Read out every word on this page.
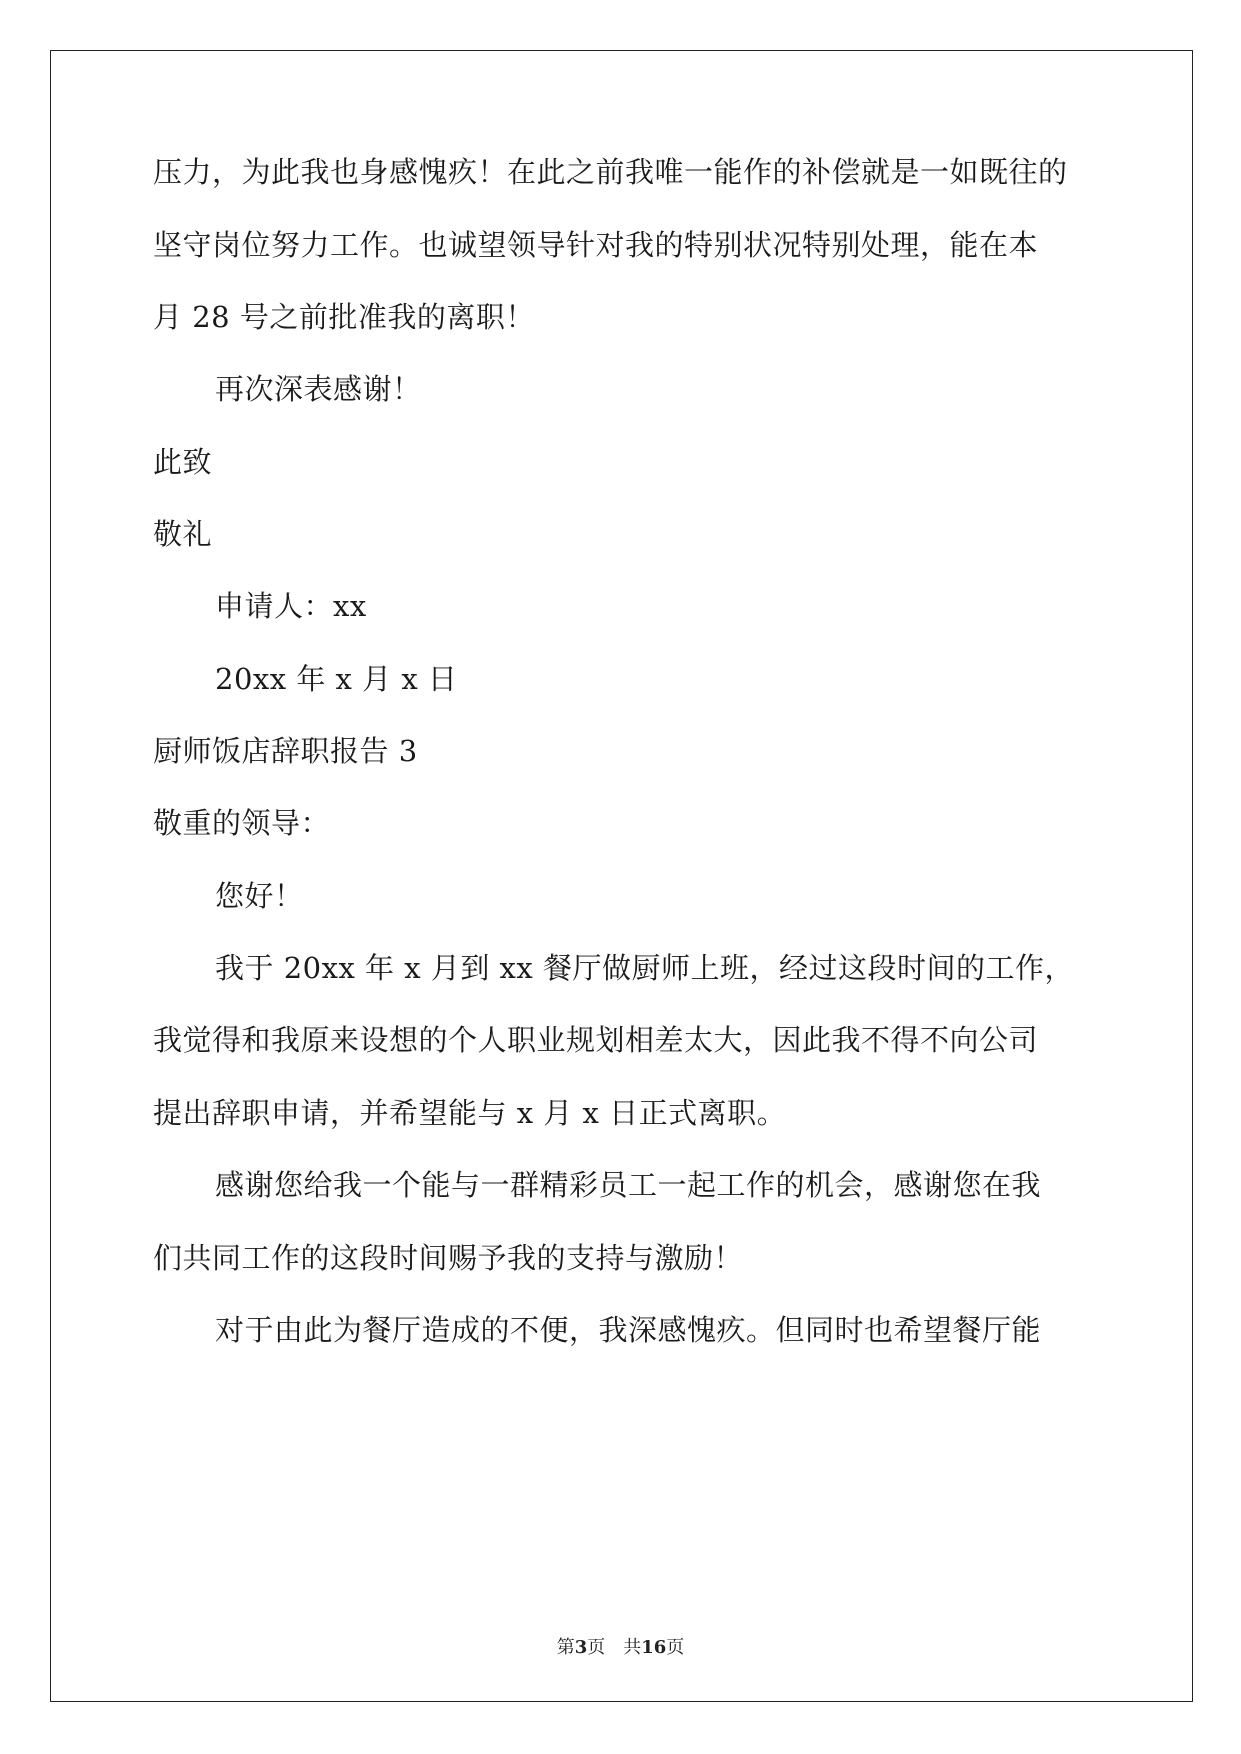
压力，为此我也身感愧疚！在此之前我唯一能作的补偿就是一如既往的
坚守岗位努力工作。也诚望领导针对我的特别状况特别处理，能在本
月 28 号之前批准我的离职！
再次深表感谢！
此致
敬礼
申请人：xx
20xx 年 x 月 x 日
厨师饭店辞职报告 3
敬重的领导：
您好！
我于 20xx 年 x 月到 xx 餐厅做厨师上班，经过这段时间的工作，
我觉得和我原来设想的个人职业规划相差太大，因此我不得不向公司
提出辞职申请，并希望能与 x 月 x 日正式离职。
感谢您给我一个能与一群精彩员工一起工作的机会，感谢您在我
们共同工作的这段时间赐予我的支持与激励！
对于由此为餐厅造成的不便，我深感愧疚。但同时也希望餐厅能
第3页 共16页
